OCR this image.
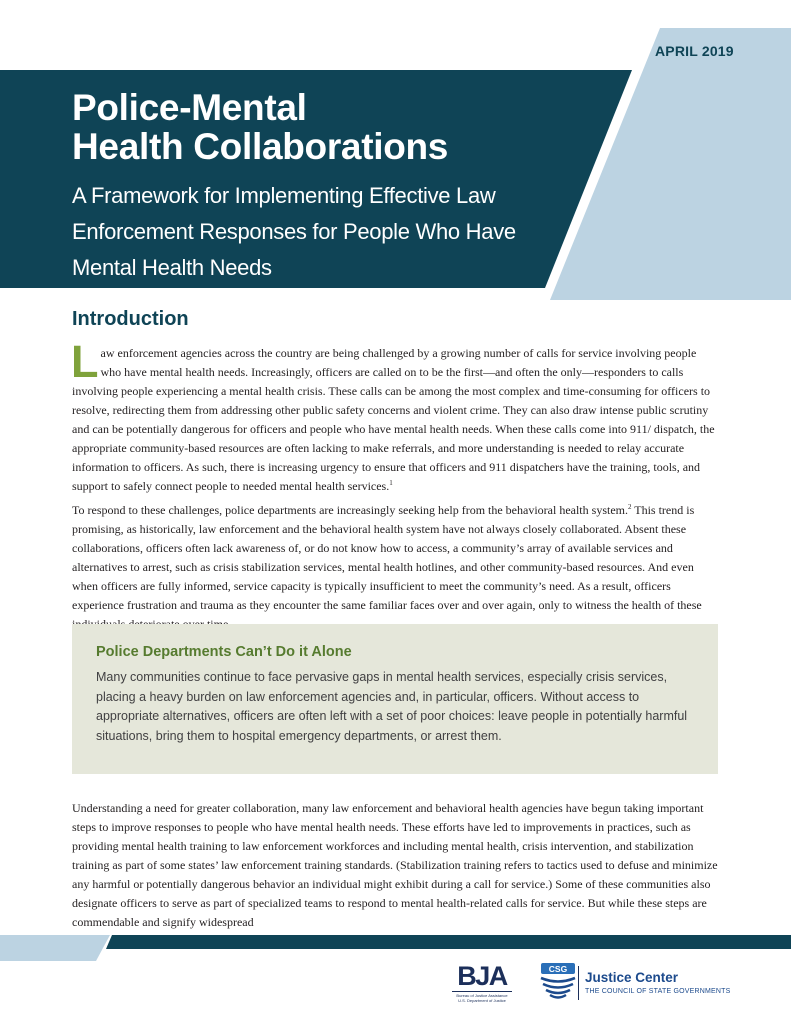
APRIL 2019
Police-Mental
Health Collaborations
A Framework for Implementing Effective Law
Enforcement Responses for People Who Have
Mental Health Needs
Introduction

Law enforcement agencies across the country are being challenged by a growing number of calls for service involving people who have mental health needs. Increasingly, officers are called on to be the first—and often the only—responders to calls involving people experiencing a mental health crisis. These calls can be among the most complex and time-consuming for officers to resolve, redirecting them from addressing other public safety concerns and violent crime. They can also draw intense public scrutiny and can be potentially dangerous for officers and people who have mental health needs. When these calls come into 911/ dispatch, the appropriate community-based resources are often lacking to make referrals, and more understanding is needed to relay accurate information to officers. As such, there is increasing urgency to ensure that officers and 911 dispatchers have the training, tools, and support to safely connect people to needed mental health services.$^1$

To respond to these challenges, police departments are increasingly seeking help from the behavioral health system.$^2$ This trend is promising, as historically, law enforcement and the behavioral health system have not always closely collaborated. Absent these collaborations, officers often lack awareness of, or do not know how to access, a community’s array of available services and alternatives to arrest, such as crisis stabilization services, mental health hotlines, and other community-based resources. And even when officers are fully informed, service capacity is typically insufficient to meet the community’s need. As a result, officers experience frustration and trauma as they encounter the same familiar faces over and over again, only to witness the health of these

Police Departments Can’t Do it Alone

Many communities continue to face pervasive gaps in mental health services, especially crisis services, placing a heavy burden on law enforcement agencies and, in particular, officers. Without access to appropriate alternatives, officers are often left with a set of poor choices: leave people in potentially harmful situations, bring them to hospital emergency departments, or arrest them.

Understanding a need for greater collaboration, many law enforcement and behavioral health agencies have begun taking important steps to improve responses to people who have mental health needs. These efforts have led to improvements in practices, such as providing mental health training to law enforcement workforces and including mental health, crisis intervention, and stabilization training as part of some states’ law enforcement training standards. (Stabilization training refers to tactics used to defuse and minimize any harmful or potentially dangerous behavior an individual might exhibit during a call for service.) Some of these communities also designate officers to serve as part of specialized teams to respond to mental health-related calls for service. But while these steps are commendable and signify widespread

BJA
Bureau of Justice Assistance
U.S. Department of Justice
CSG
Justice Center
THE COUNCIL OF STATE GOVERNMENTS
